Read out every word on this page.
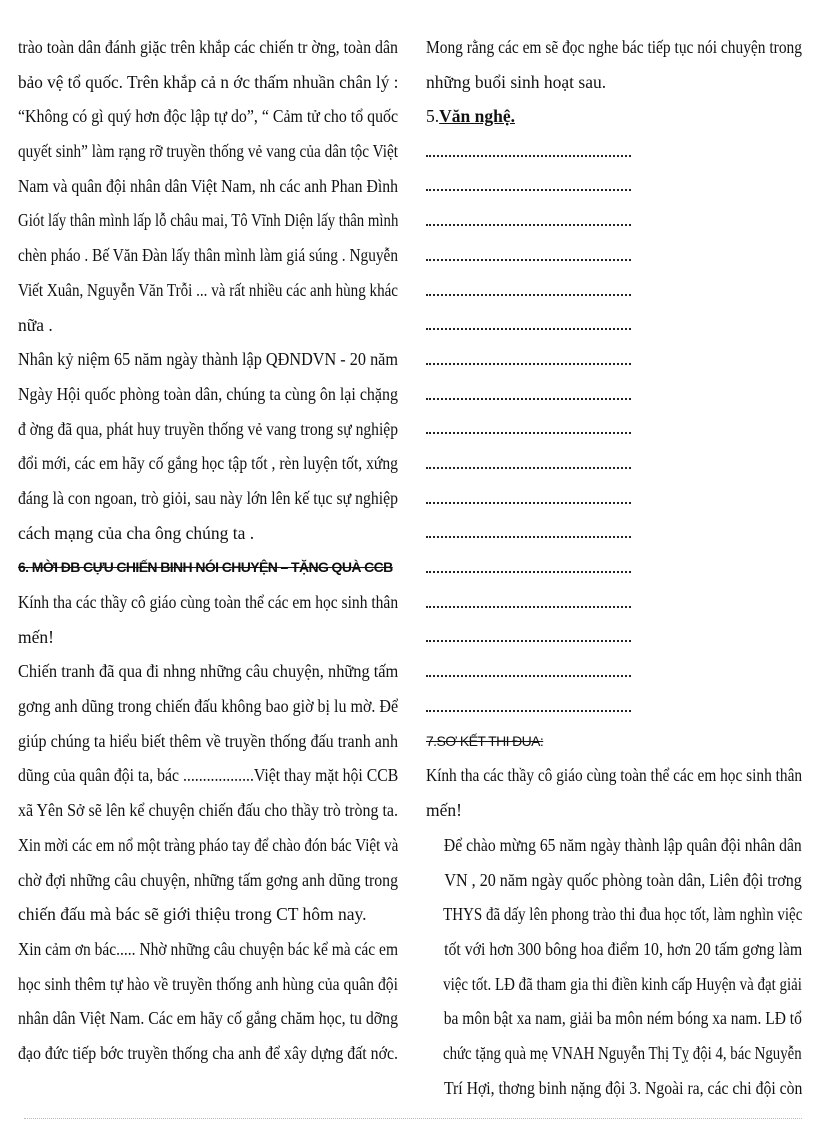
trào toàn dân đánh giặc trên khắp các chiến tr ờng, toàn dân
bảo vệ tổ quốc. Trên khắp cả n ớc thấm nhuần chân lý :
“Không có gì quý hơn độc lập tự do”, “ Cảm tử cho tổ quốc
quyết sinh” làm rạng rỡ truyền thống vẻ vang của dân tộc Việt
Nam và quân đội nhân dân Việt Nam, nh các anh Phan Đình
Giót lấy thân mình lấp lỗ châu mai, Tô Vĩnh Diện lấy thân mình
chèn pháo . Bế Văn Đàn lấy thân mình làm giá súng . Nguyễn
Viết Xuân, Nguyễn Văn Trỗi ... và rất nhiều các anh hùng khác
nữa .
Nhân kỷ niệm 65 năm ngày thành lập QĐNDVN - 20 năm
Ngày Hội quốc phòng toàn dân, chúng ta cùng ôn lại chặng
đ ờng đã qua, phát huy truyền thống vẻ vang trong sự nghiệp
đổi mới, các em hãy cố gắng học tập tốt , rèn luyện tốt, xứng
đáng là con ngoan, trò giỏi, sau này lớn lên kế tục sự nghiệp
cách mạng của cha ông chúng ta .
6. MỜI ĐB CỰU CHIẾN BINH NÓI CHUYỆN – TẶNG QUÀ CCB
Kính tha các thầy cô giáo cùng toàn thể các em học sinh thân
mến!
Chiến tranh đã qua đi nhng những câu chuyện, những tấm
gơng anh dũng trong chiến đấu không bao giờ bị lu mờ. Để
giúp chúng ta hiểu biết thêm về truyền thống đấu tranh anh
dũng của quân đội ta, bác ..................Việt thay mặt hội CCB
xã Yên Sở sẽ lên kể chuyện chiến đấu cho thầy trò tròng ta.
Xin mời các em nổ một tràng pháo tay để chào đón bác Việt và
chờ đợi những câu chuyện, những tấm gơng anh dũng trong
chiến đấu mà bác sẽ giới thiệu trong CT hôm nay.
Xin cảm ơn bác..... Nhờ những câu chuyện bác kể mà các em
học sinh thêm tự hào về truyền thống anh hùng của quân đội
nhân dân Việt Nam. Các em hãy cố gắng chăm học, tu dỡng
đạo đức tiếp bớc truyền thống cha anh để xây dựng đất nớc.
Mong rằng các em sẽ đọc nghe bác tiếp tục nói chuyện trong
những buổi sinh hoạt sau.
5.Văn nghệ.
7.SƠ KẾT THI ĐUA:
Kính tha các thầy cô giáo cùng toàn thể các em học sinh thân
mến!
Để chào mừng 65 năm ngày thành lập quân đội nhân dân
VN , 20 năm ngày quốc phòng toàn dân, Liên đội trơng
THYS đã dấy lên phong trào thi đua học tốt, làm nghìn việc
tốt với hơn 300 bông hoa điểm 10, hơn 20 tấm gơng làm
việc tốt. LĐ đã tham gia thi điền kinh cấp Huyện và đạt giải
ba môn bật xa nam, giải ba môn ném bóng xa nam. LĐ tổ
chức tặng quà mẹ VNAH Nguyễn Thị Tỵ đội 4, bác Nguyễn
Trí Hợi, thơng binh nặng đội 3. Ngoài ra, các chi đội còn
